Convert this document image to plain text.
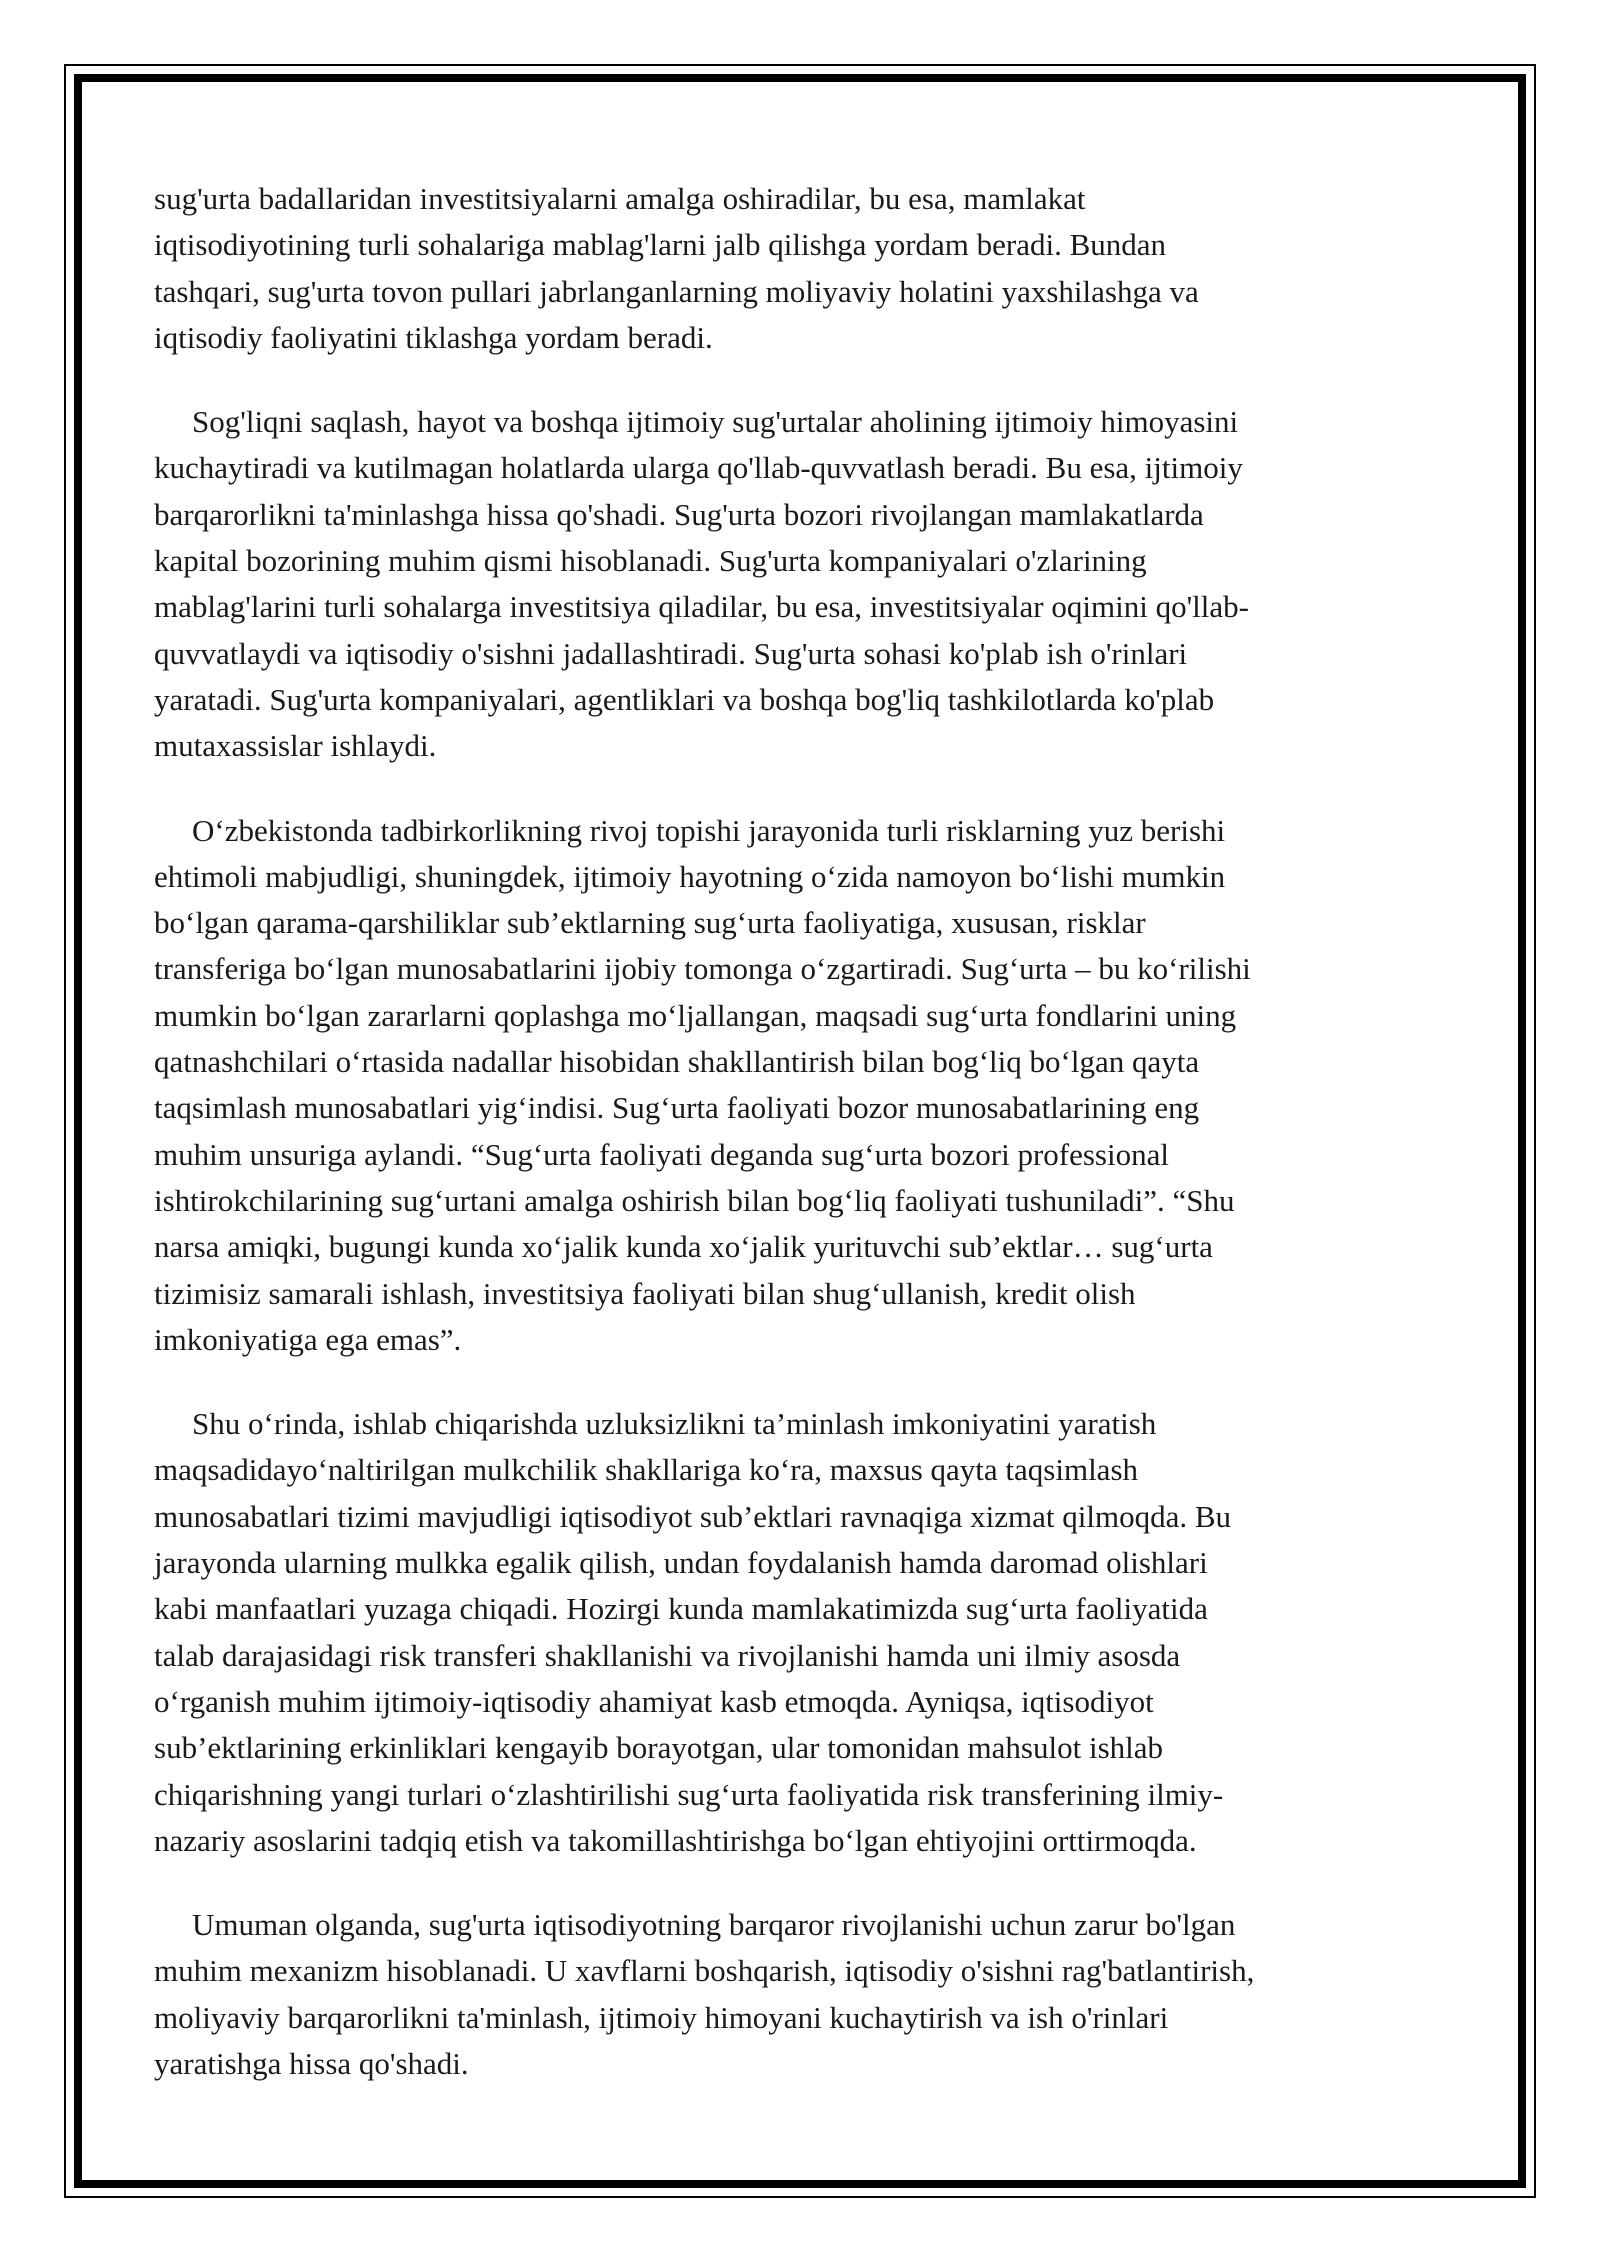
sug'urta badallaridan investitsiyalarni amalga oshiradilar, bu esa, mamlakat
iqtisodiyotining turli sohalariga mablag'larni jalb qilishga yordam beradi. Bundan
tashqari, sug'urta tovon pullari jabrlanganlarning moliyaviy holatini yaxshilashga va
iqtisodiy faoliyatini tiklashga yordam beradi.

Sog'liqni saqlash, hayot va boshqa ijtimoiy sug'urtalar aholining ijtimoiy himoyasini
kuchaytiradi va kutilmagan holatlarda ularga qo'llab-quvvatlash beradi. Bu esa, ijtimoiy
barqarorlikni ta'minlashga hissa qo'shadi. Sug'urta bozori rivojlangan mamlakatlarda
kapital bozorining muhim qismi hisoblanadi. Sug'urta kompaniyalari o'zlarining
mablag'larini turli sohalarga investitsiya qiladilar, bu esa, investitsiyalar oqimini qo'llab-
quvvatlaydi va iqtisodiy o'sishni jadallashtiradi. Sug'urta sohasi ko'plab ish o'rinlari
yaratadi. Sug'urta kompaniyalari, agentliklari va boshqa bog'liq tashkilotlarda ko'plab
mutaxassislar ishlaydi.

O‘zbekistonda tadbirkorlikning rivoj topishi jarayonida turli risklarning yuz berishi
ehtimoli mabjudligi, shuningdek, ijtimoiy hayotning o‘zida namoyon bo‘lishi mumkin
bo‘lgan qarama-qarshiliklar sub’ektlarning sug‘urta faoliyatiga, xususan, risklar
transferiga bo‘lgan munosabatlarini ijobiy tomonga o‘zgartiradi. Sug‘urta – bu ko‘rilishi
mumkin bo‘lgan zararlarni qoplashga mo‘ljallangan, maqsadi sug‘urta fondlarini uning
qatnashchilari o‘rtasida nadallar hisobidan shakllantirish bilan bog‘liq bo‘lgan qayta
taqsimlash munosabatlari yig‘indisi. Sug‘urta faoliyati bozor munosabatlarining eng
muhim unsuriga aylandi. “Sug‘urta faoliyati deganda sug‘urta bozori professional
ishtirokchilarining sug‘urtani amalga oshirish bilan bog‘liq faoliyati tushuniladi”. “Shu
narsa amiqki, bugungi kunda xo‘jalik kunda xo‘jalik yurituvchi sub’ektlar… sug‘urta
tizimisiz samarali ishlash, investitsiya faoliyati bilan shug‘ullanish, kredit olish
imkoniyatiga ega emas”.

Shu o‘rinda, ishlab chiqarishda uzluksizlikni ta’minlash imkoniyatini yaratish
maqsadidayo‘naltirilgan mulkchilik shakllariga ko‘ra, maxsus qayta taqsimlash
munosabatlari tizimi mavjudligi iqtisodiyot sub’ektlari ravnaqiga xizmat qilmoqda. Bu
jarayonda ularning mulkka egalik qilish, undan foydalanish hamda daromad olishlari
kabi manfaatlari yuzaga chiqadi. Hozirgi kunda mamlakatimizda sug‘urta faoliyatida
talab darajasidagi risk transferi shakllanishi va rivojlanishi hamda uni ilmiy asosda
o‘rganish muhim ijtimoiy-iqtisodiy ahamiyat kasb etmoqda. Ayniqsa, iqtisodiyot
sub’ektlarining erkinliklari kengayib borayotgan, ular tomonidan mahsulot ishlab
chiqarishning yangi turlari o‘zlashtirilishi sug‘urta faoliyatida risk transferining ilmiy-
nazariy asoslarini tadqiq etish va takomillashtirishga bo‘lgan ehtiyojini orttirmoqda.

Umuman olganda, sug'urta iqtisodiyotning barqaror rivojlanishi uchun zarur bo'lgan
muhim mexanizm hisoblanadi. U xavflarni boshqarish, iqtisodiy o'sishni rag'batlantirish,
moliyaviy barqarorlikni ta'minlash, ijtimoiy himoyani kuchaytirish va ish o'rinlari
yaratishga hissa qo'shadi.
